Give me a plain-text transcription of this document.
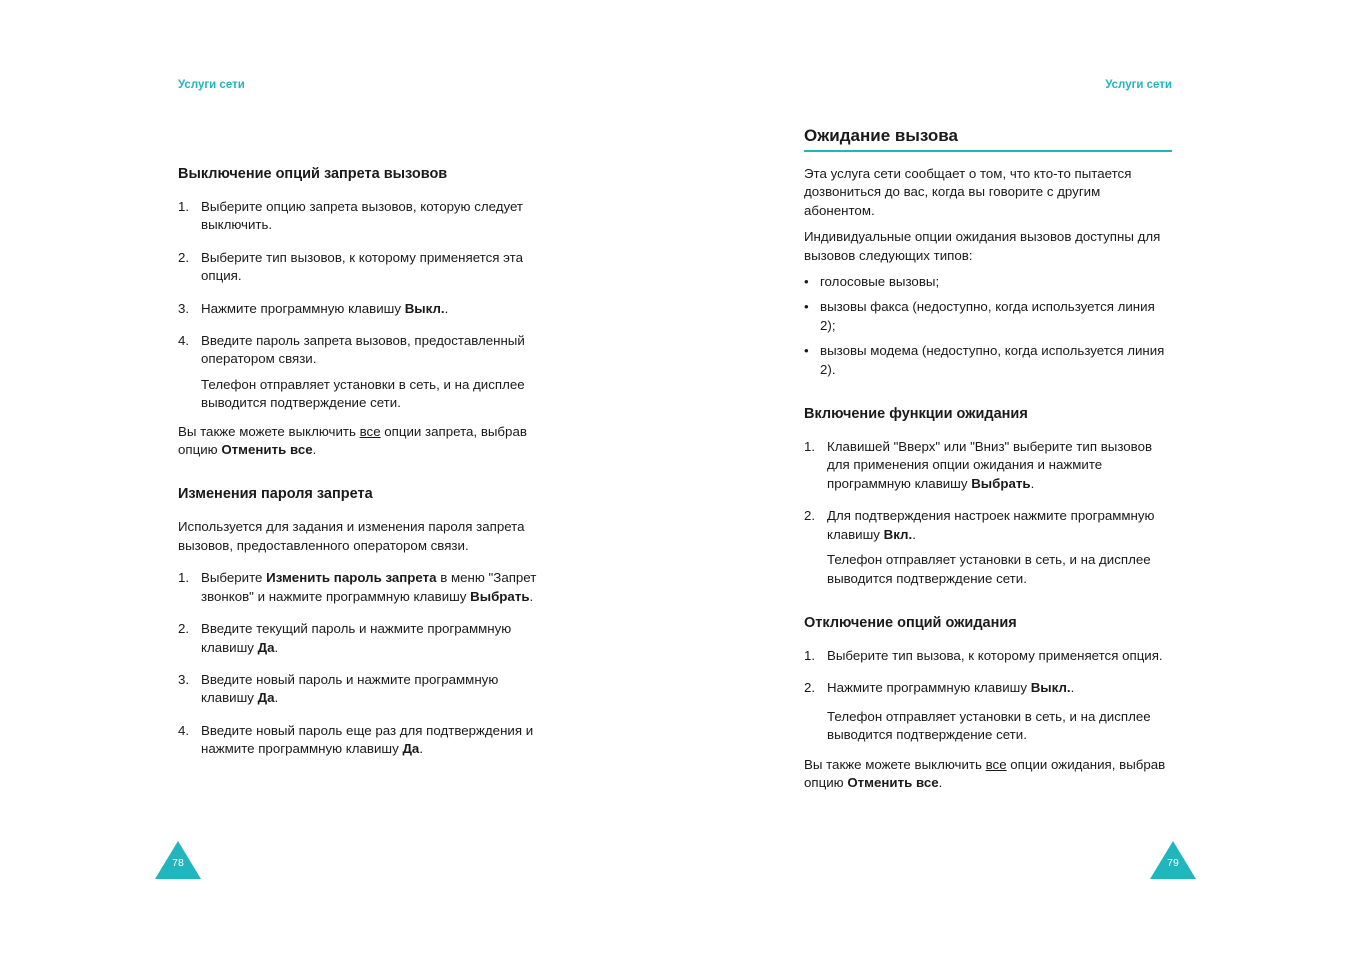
Услуги сети
Выключение опций запрета вызовов
1. Выберите опцию запрета вызовов, которую следует выключить.
2. Выберите тип вызовов, к которому применяется эта опция.
3. Нажмите программную клавишу Выкл..
4. Введите пароль запрета вызовов, предоставленный оператором связи.

Телефон отправляет установки в сеть, и на дисплее выводится подтверждение сети.

Вы также можете выключить все опции запрета, выбрав опцию Отменить все.

Изменения пароля запрета

Используется для задания и изменения пароля запрета вызовов, предоставленного оператором связи.

1. Выберите Изменить пароль запрета в меню "Запрет звонков" и нажмите программную клавишу Выбрать.
2. Введите текущий пароль и нажмите программную клавишу Да.
3. Введите новый пароль и нажмите программную клавишу Да.
4. Введите новый пароль еще раз для подтверждения и нажмите программную клавишу Да.
78
Услуги сети
Ожидание вызова

Эта услуга сети сообщает о том, что кто-то пытается дозвониться до вас, когда вы говорите с другим абонентом.

Индивидуальные опции ожидания вызовов доступны для вызовов следующих типов:

• голосовые вызовы;
• вызовы факса (недоступно, когда используется линия 2);
• вызовы модема (недоступно, когда используется линия 2).
Включение функции ожидания
1. Клавишей "Вверх" или "Вниз" выберите тип вызовов для применения опции ожидания и нажмите программную клавишу Выбрать.
2. Для подтверждения настроек нажмите программную клавишу Вкл..

Телефон отправляет установки в сеть, и на дисплее выводится подтверждение сети.

Отключение опций ожидания
1. Выберите тип вызова, к которому применяется опция.
2. Нажмите программную клавишу Выкл..

Телефон отправляет установки в сеть, и на дисплее выводится подтверждение сети.

Вы также можете выключить все опции ожидания, выбрав опцию Отменить все.

79
